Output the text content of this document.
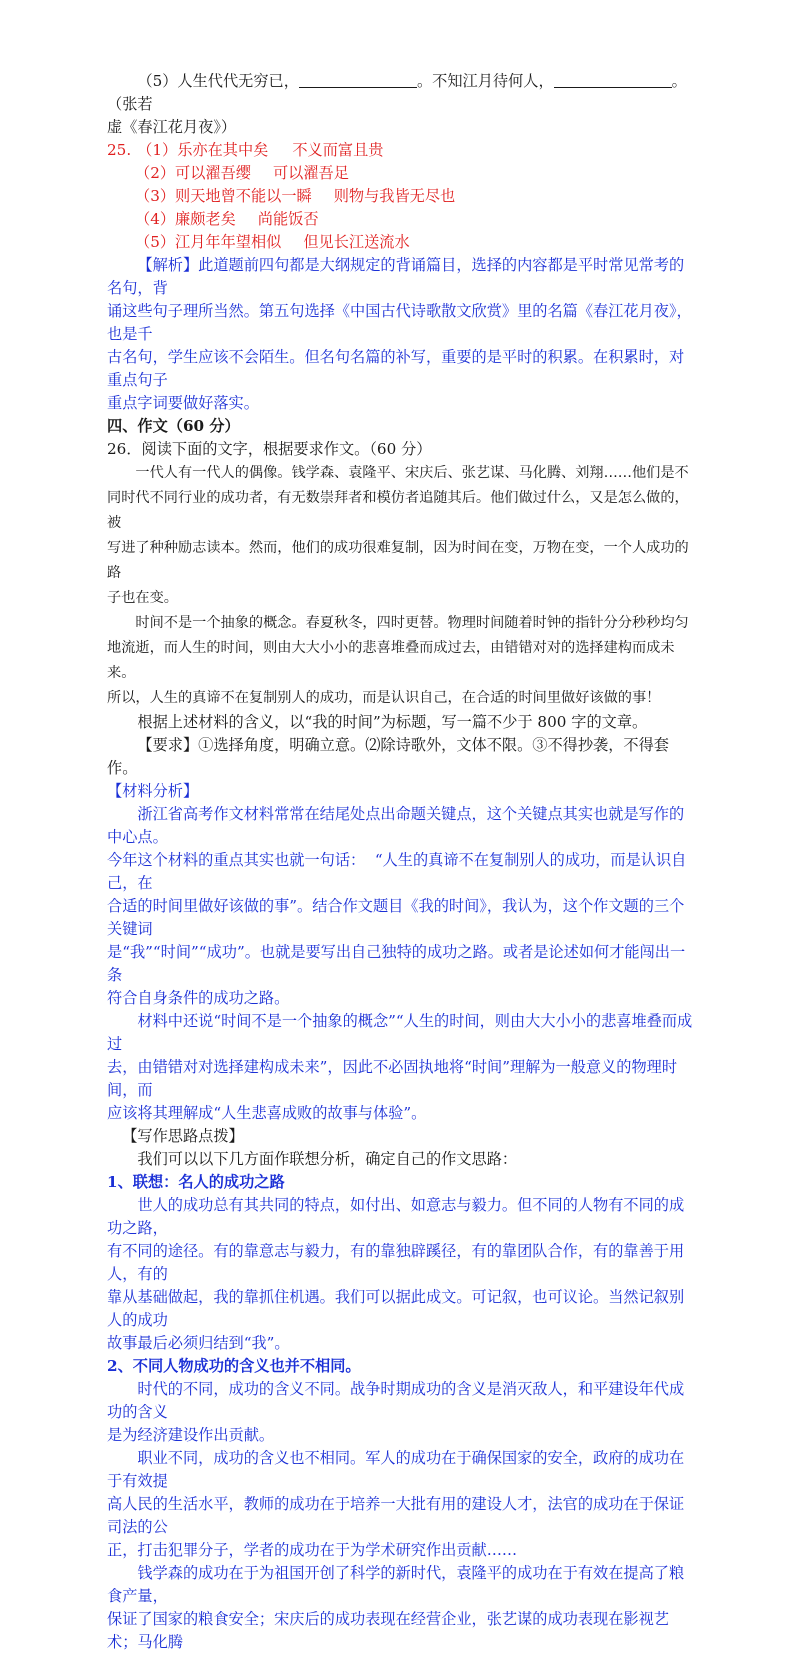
（5）人生代代无穷已，	。不知江月待何人，	。（张若

虚《春江花月夜》）

25. （1）乐亦在其中矣 不义而富且贵

（2）可以濯吾缨 可以濯吾足

（3）则天地曾不能以一瞬 则物与我皆无尽也

（4）廉颇老矣 尚能饭否

（5）江月年年望相似 但见长江送流水

【解析】此道题前四句都是大纲规定的背诵篇目，选择的内容都是平时常见常考的名句，背

诵这些句子理所当然。第五句选择《中国古代诗歌散文欣赏》里的名篇《春江花月夜》，也是千

古名句，学生应该不会陌生。但名句名篇的补写，重要的是平时的积累。在积累时，对重点句子

重点字词要做好落实。

四、作文（60 分）

26．阅读下面的文字，根据要求作文。（60 分）

一代人有一代人的偶像。钱学森、袁隆平、宋庆后、张艺谋、马化腾、刘翔……他们是不

同时代不同行业的成功者，有无数崇拜者和模仿者追随其后。他们做过什么，又是怎么做的，被

写进了种种励志读本。然而，他们的成功很难复制，因为时间在变，万物在变，一个人成功的路

子也在变。

时间不是一个抽象的概念。春夏秋冬，四时更替。物理时间随着时钟的指针分分秒秒均匀

地流逝，而人生的时间，则由大大小小的悲喜堆叠而成过去，由错错对对的选择建构而成未来。

所以，人生的真谛不在复制别人的成功，而是认识自己，在合适的时间里做好该做的事！

根据上述材料的含义，以“我的时间”为标题，写一篇不少于 800 字的文章。

【要求】①选择角度，明确立意。⑵除诗歌外，文体不限。③不得抄袭，不得套作。

【材料分析】

浙江省高考作文材料常常在结尾处点出命题关键点，这个关键点其实也就是写作的中心点。

今年这个材料的重点其实也就一句话：  “人生的真谛不在复制别人的成功，而是认识自己，在

合适的时间里做好该做的事”。结合作文题目《我的时间》，我认为，这个作文题的三个关键词

是“我”“时间”“成功”。也就是要写出自己独特的成功之路。或者是论述如何才能闯出一条

符合自身条件的成功之路。

材料中还说“时间不是一个抽象的概念”“人生的时间，则由大大小小的悲喜堆叠而成过

去，由错错对对选择建构成未来”，因此不必固执地将“时间”理解为一般意义的物理时间，而

应该将其理解成“人生悲喜成败的故事与体验”。

【写作思路点拨】

我们可以以下几方面作联想分析，确定自己的作文思路：

1、联想：名人的成功之路

世人的成功总有其共同的特点，如付出、如意志与毅力。但不同的人物有不同的成功之路，

有不同的途径。有的靠意志与毅力，有的靠独辟蹊径，有的靠团队合作，有的靠善于用人，有的

靠从基础做起，我的靠抓住机遇。我们可以据此成文。可记叙，也可议论。当然记叙别人的成功

故事最后必须归结到“我”。

2、不同人物成功的含义也并不相同。

时代的不同，成功的含义不同。战争时期成功的含义是消灭敌人，和平建设年代成功的含义

是为经济建设作出贡献。

职业不同，成功的含义也不相同。军人的成功在于确保国家的安全，政府的成功在于有效提

高人民的生活水平，教师的成功在于培养一大批有用的建设人才，法官的成功在于保证司法的公

正，打击犯罪分子，学者的成功在于为学术研究作出贡献……

钱学森的成功在于为祖国开创了科学的新时代，袁隆平的成功在于有效在提高了粮食产量，

保证了国家的粮食安全；宋庆后的成功表现在经营企业，张艺谋的成功表现在影视艺术；马化腾
